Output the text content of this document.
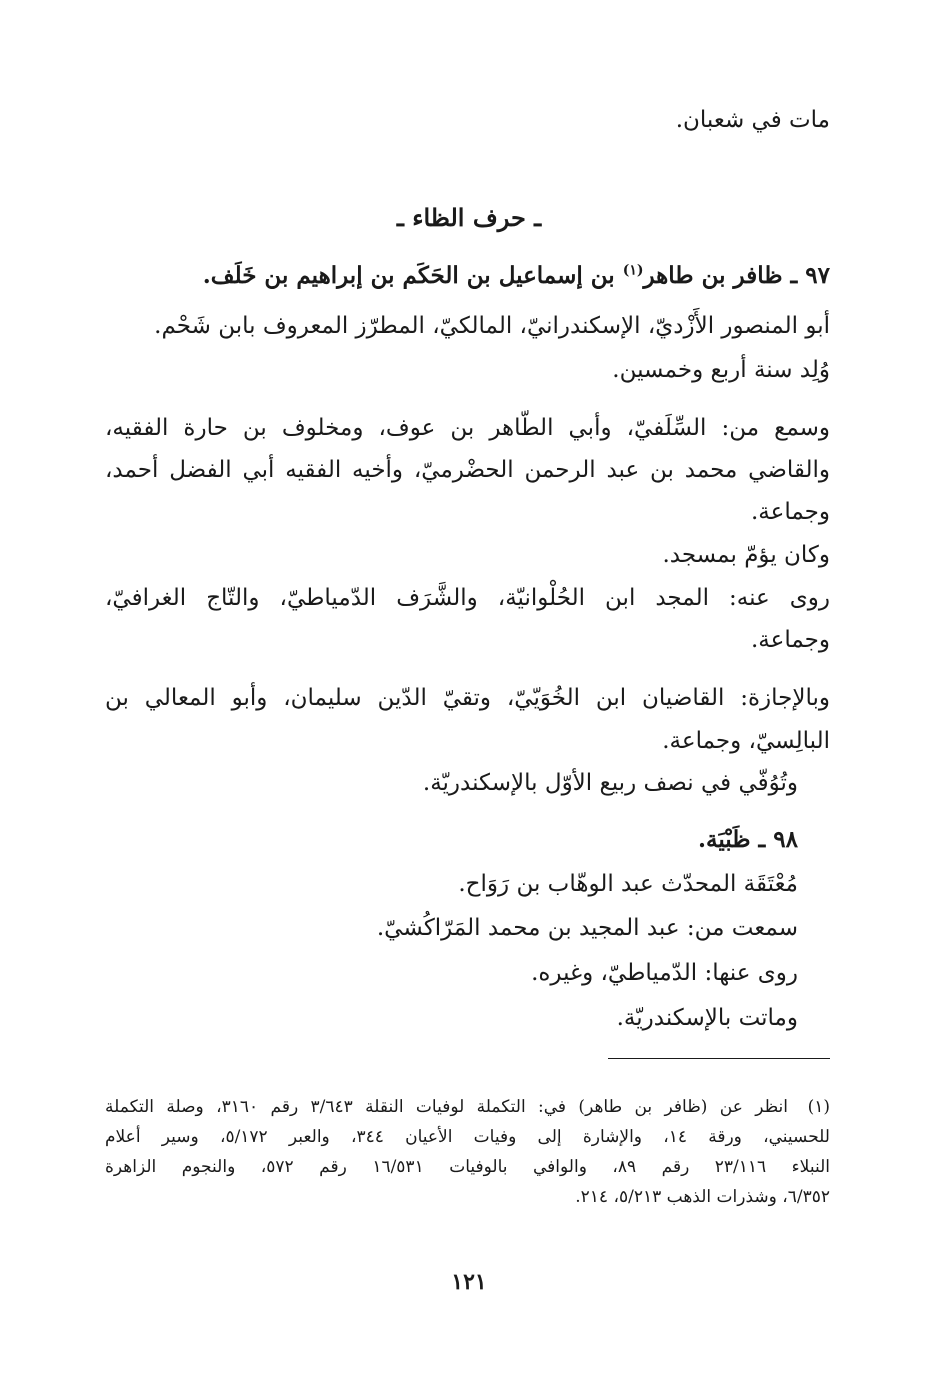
مات في شعبان.
ـ حرف الظاء ـ
٩٧ ـ ظافر بن طاهر$^{(١)}$ بن إسماعيل بن الحَكَم بن إبراهيم بن خَلَف.
أبو المنصور الأَزْديّ، الإسكندرانيّ، المالكيّ، المطرّز المعروف بابن شَحْم.
وُلِد سنة أربع وخمسين.
وسمع من: السِّلَفيّ، وأبي الطّاهر بن عوف، ومخلوف بن حارة الفقيه،
والقاضي محمد بن عبد الرحمن الحضْرميّ، وأخيه الفقيه أبي الفضل أحمد،
وجماعة.
وكان يؤمّ بمسجد.
روى عنه: المجد ابن الحُلْوانيّة، والشَّرَف الدّمياطيّ، والتّاج الغرافيّ،
وجماعة.
وبالإجازة: القاضيان ابن الخُوَيّيّ، وتقيّ الدّين سليمان، وأبو المعالي بن
البالِسيّ، وجماعة.
وتُوُفّي في نصف ربيع الأوّل بالإسكندريّة.
٩٨ ـ ظَبْيَة.
مُعْتَقَة المحدّث عبد الوهّاب بن رَوَاح.
سمعت من: عبد المجيد بن محمد المَرّاكُشيّ.
روى عنها: الدّمياطيّ، وغيره.
وماتت بالإسكندريّة.
(١)
انظر عن (ظافر بن طاهر) في: التكملة لوفيات النقلة ٣/٦٤٣ رقم ٣١٦٠، وصلة التكملة
للحسيني، ورقة ١٤، والإشارة إلى وفيات الأعيان ٣٤٤، والعبر ٥/١٧٢، وسير أعلام
النبلاء ٢٣/١١٦ رقم ٨٩، والوافي بالوفيات ١٦/٥٣١ رقم ٥٧٢، والنجوم الزاهرة
٦/٣٥٢، وشذرات الذهب ٥/٢١٣، ٢١٤.
١٢١
